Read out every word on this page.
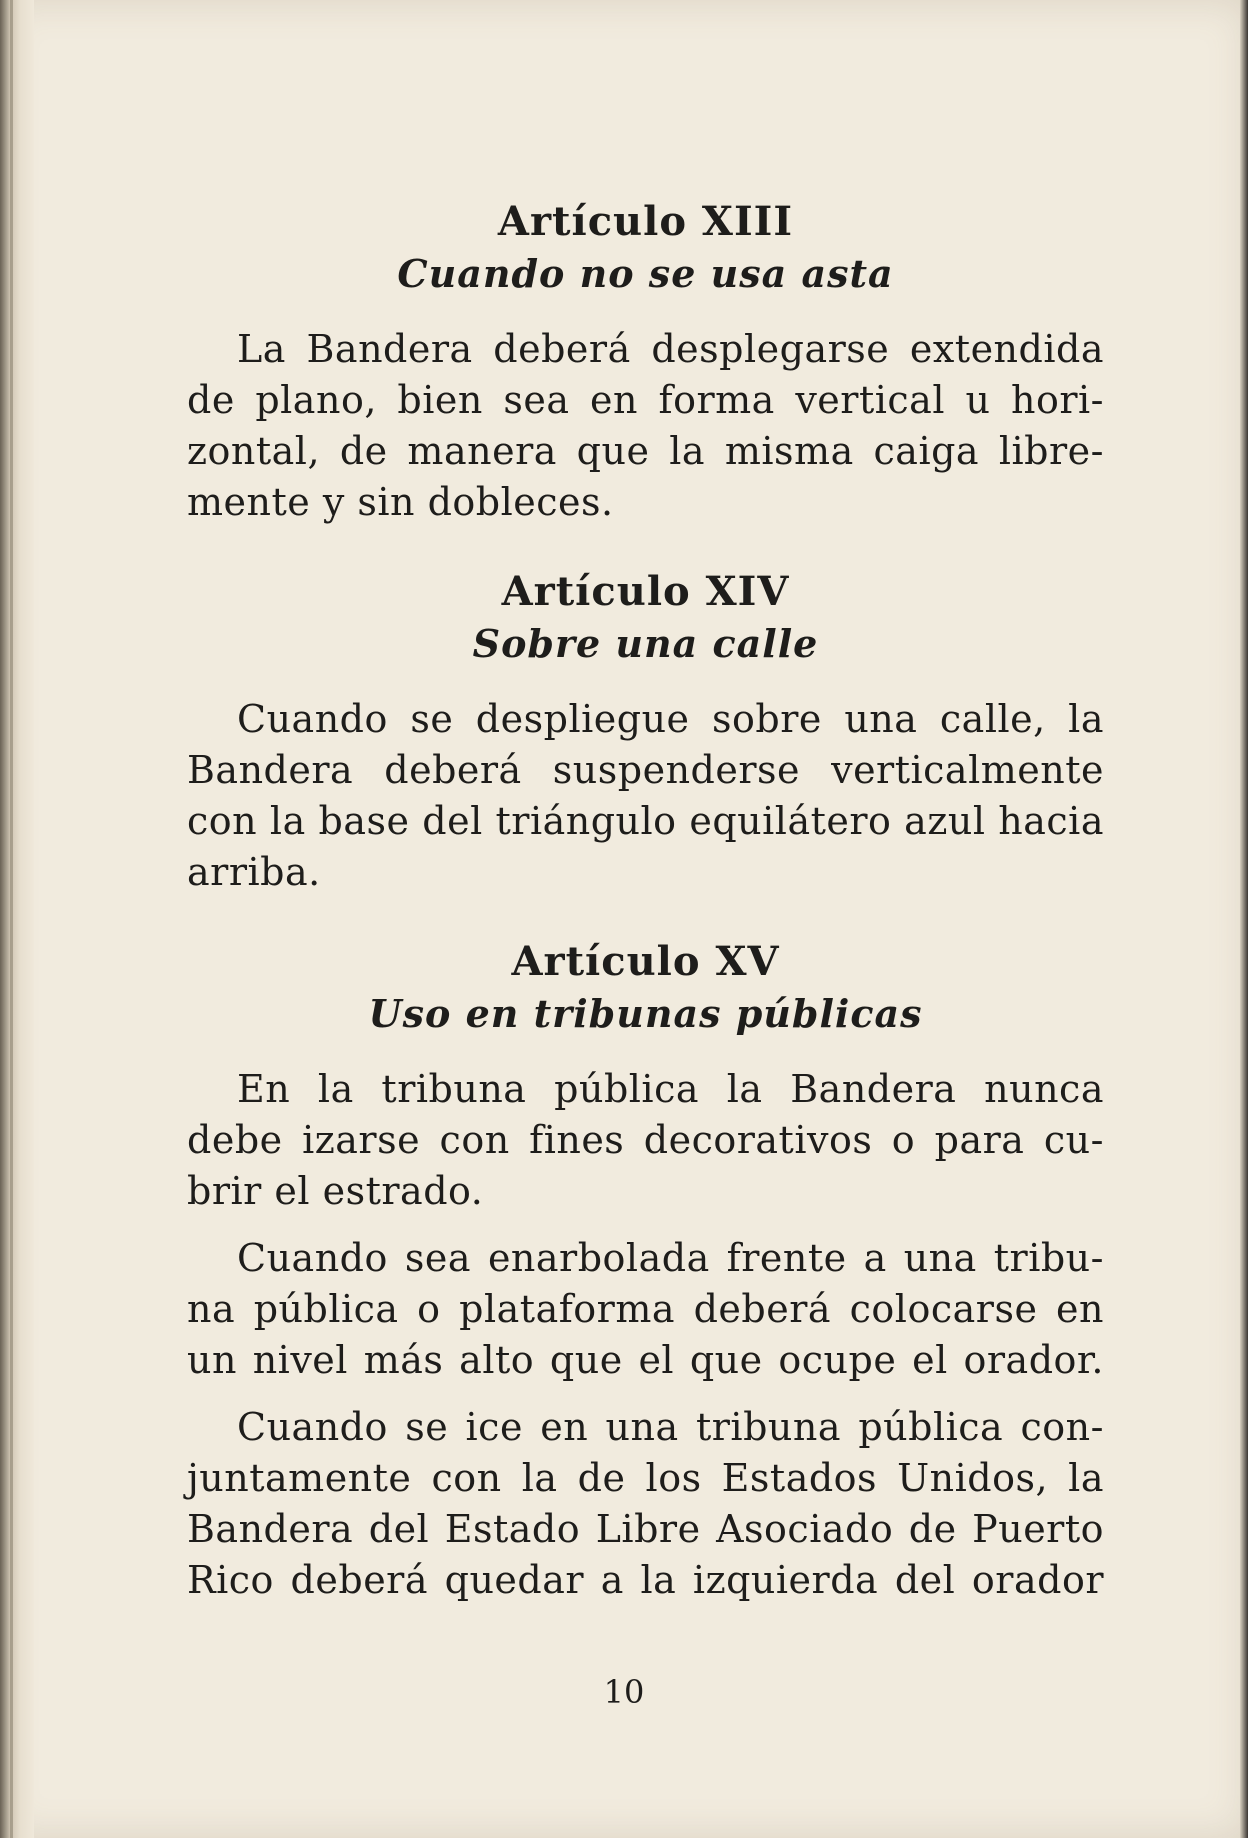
Artículo XIII
Cuando no se usa asta

La Bandera deberá desplegarse extendida
de plano, bien sea en forma vertical u hori-
zontal, de manera que la misma caiga libre-
mente y sin dobleces.

Artículo XIV
Sobre una calle

Cuando se despliegue sobre una calle, la
Bandera deberá suspenderse verticalmente
con la base del triángulo equilátero azul hacia
arriba.

Artículo XV
Uso en tribunas públicas

En la tribuna pública la Bandera nunca
debe izarse con fines decorativos o para cu-
brir el estrado.

Cuando sea enarbolada frente a una tribu-
na pública o plataforma deberá colocarse en
un nivel más alto que el que ocupe el orador.

Cuando se ice en una tribuna pública con-
juntamente con la de los Estados Unidos, la
Bandera del Estado Libre Asociado de Puerto
Rico deberá quedar a la izquierda del orador

10
